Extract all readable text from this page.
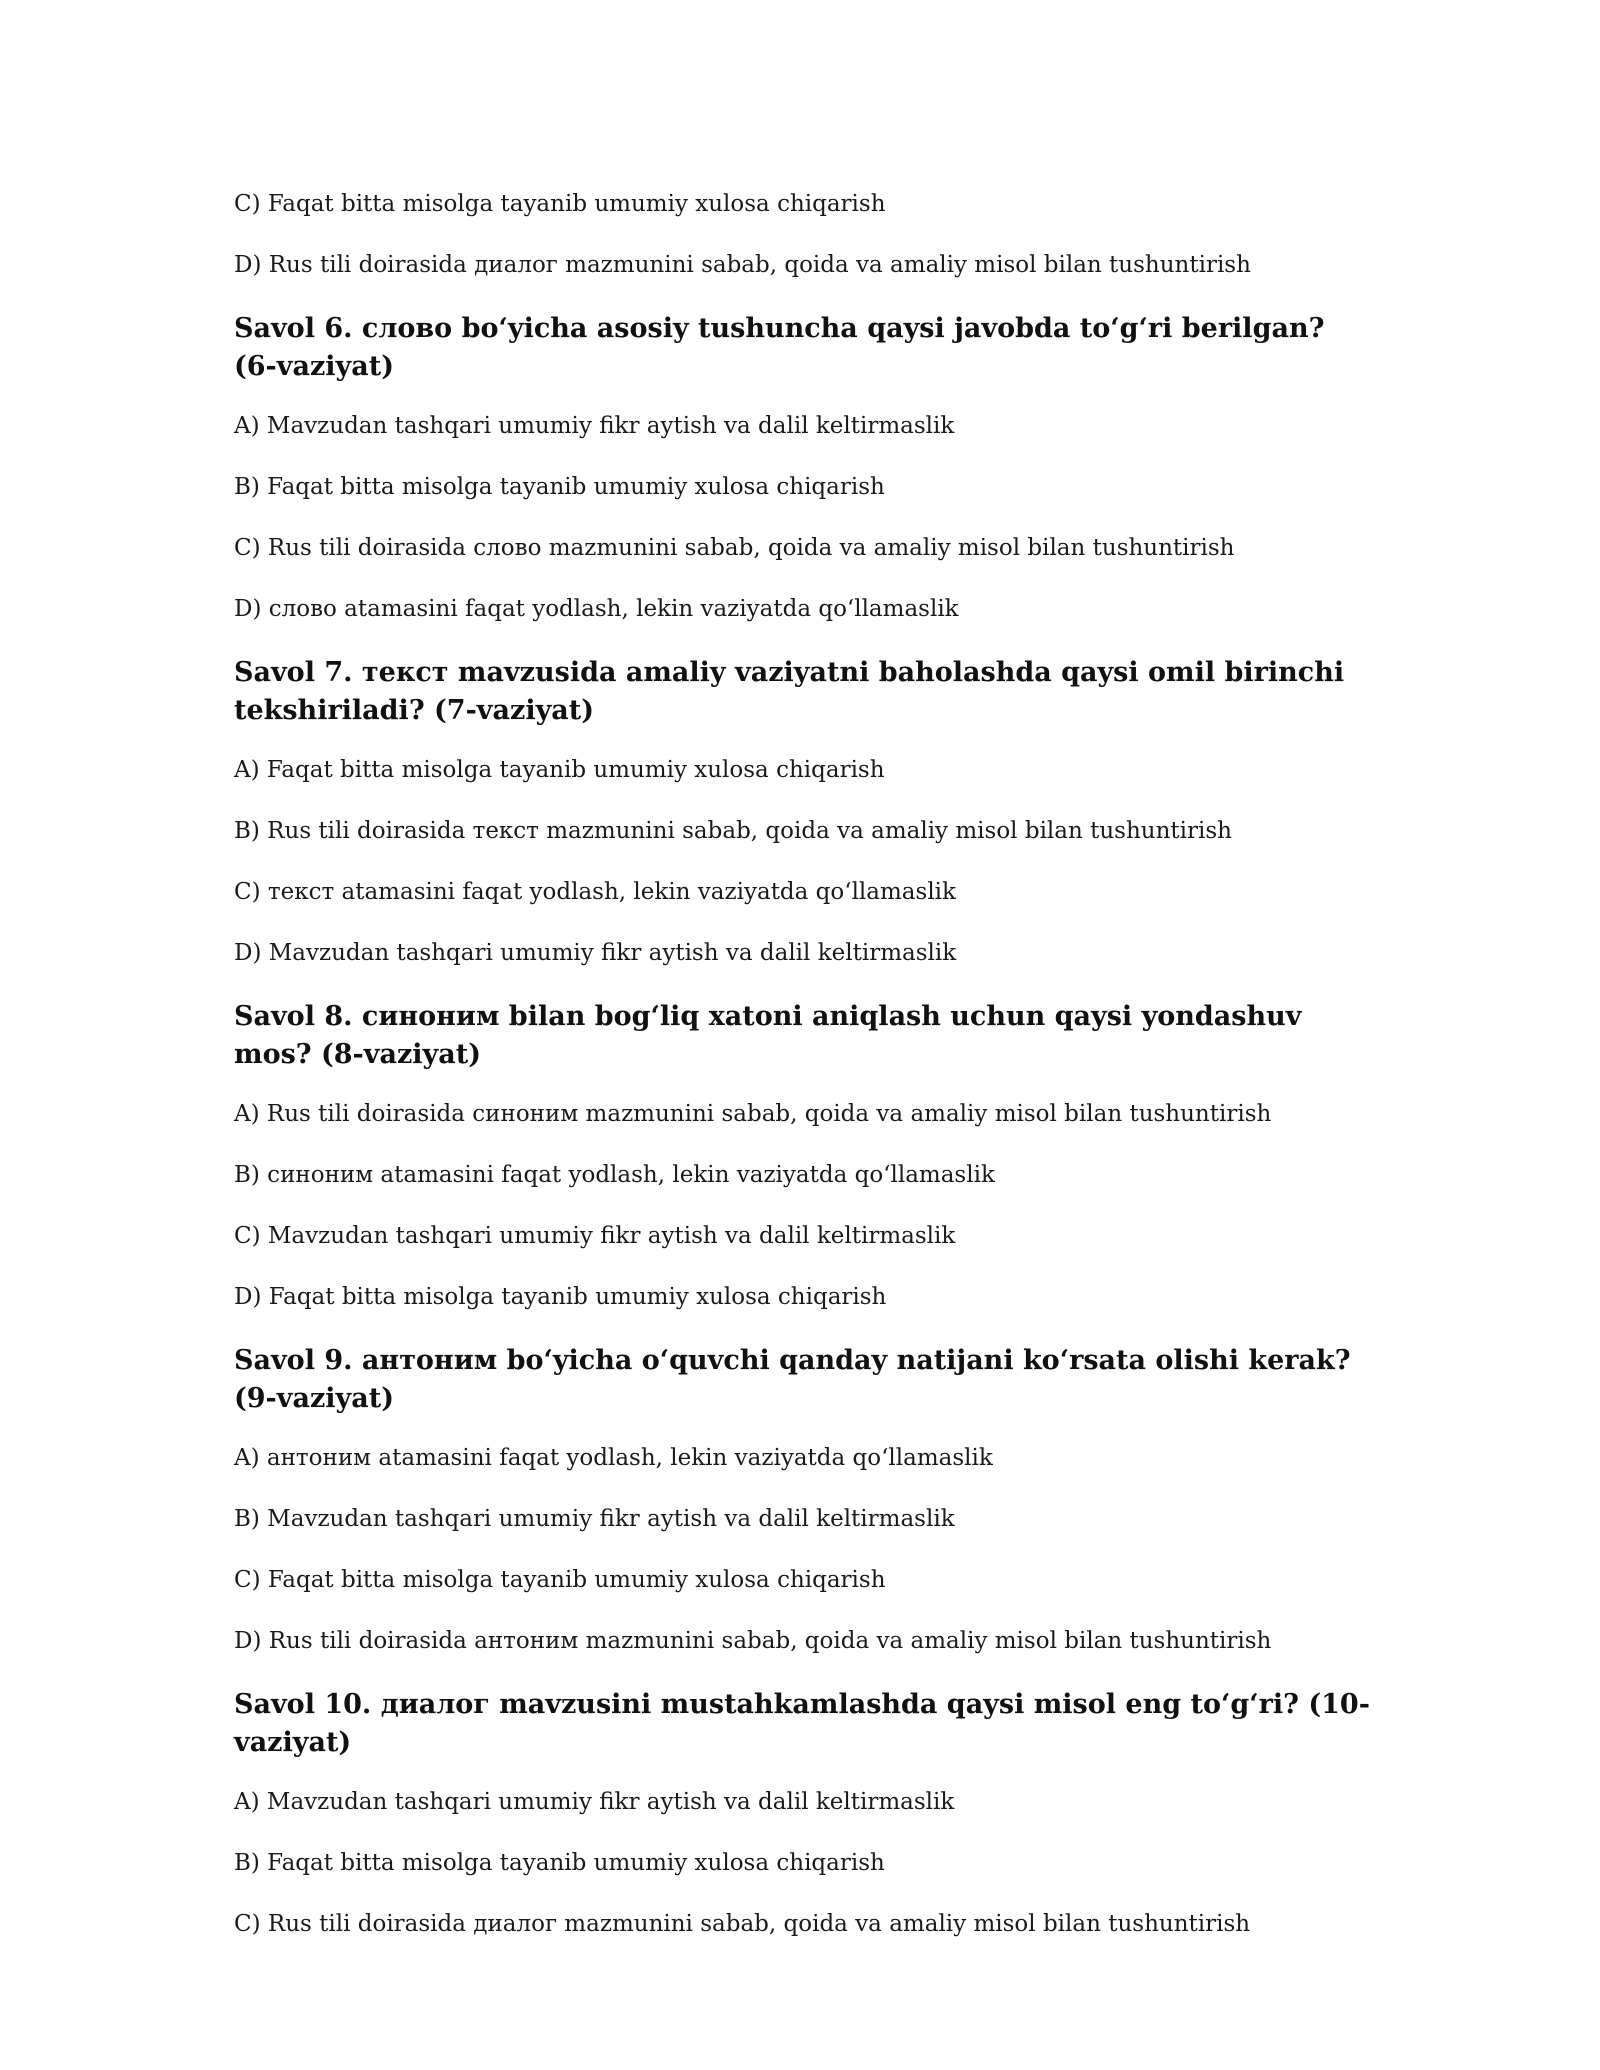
C) Faqat bitta misolga tayanib umumiy xulosa chiqarish

D) Rus tili doirasida диалог mazmunini sabab, qoida va amaliy misol bilan tushuntirish

Savol 6. слово bo‘yicha asosiy tushuncha qaysi javobda to‘g‘ri berilgan? (6-vaziyat)

A) Mavzudan tashqari umumiy fikr aytish va dalil keltirmaslik

B) Faqat bitta misolga tayanib umumiy xulosa chiqarish

C) Rus tili doirasida слово mazmunini sabab, qoida va amaliy misol bilan tushuntirish

D) слово atamasini faqat yodlash, lekin vaziyatda qo‘llamaslik

Savol 7. текст mavzusida amaliy vaziyatni baholashda qaysi omil birinchi tekshiriladi? (7-vaziyat)

A) Faqat bitta misolga tayanib umumiy xulosa chiqarish

B) Rus tili doirasida текст mazmunini sabab, qoida va amaliy misol bilan tushuntirish

C) текст atamasini faqat yodlash, lekin vaziyatda qo‘llamaslik

D) Mavzudan tashqari umumiy fikr aytish va dalil keltirmaslik

Savol 8. синоним bilan bog‘liq xatoni aniqlash uchun qaysi yondashuv mos? (8-vaziyat)

A) Rus tili doirasida синоним mazmunini sabab, qoida va amaliy misol bilan tushuntirish

B) синоним atamasini faqat yodlash, lekin vaziyatda qo‘llamaslik

C) Mavzudan tashqari umumiy fikr aytish va dalil keltirmaslik

D) Faqat bitta misolga tayanib umumiy xulosa chiqarish

Savol 9. антоним bo‘yicha o‘quvchi qanday natijani ko‘rsata olishi kerak? (9-vaziyat)

A) антоним atamasini faqat yodlash, lekin vaziyatda qo‘llamaslik

B) Mavzudan tashqari umumiy fikr aytish va dalil keltirmaslik

C) Faqat bitta misolga tayanib umumiy xulosa chiqarish

D) Rus tili doirasida антоним mazmunini sabab, qoida va amaliy misol bilan tushuntirish

Savol 10. диалог mavzusini mustahkamlashda qaysi misol eng to‘g‘ri? (10-vaziyat)

A) Mavzudan tashqari umumiy fikr aytish va dalil keltirmaslik

B) Faqat bitta misolga tayanib umumiy xulosa chiqarish

C) Rus tili doirasida диалог mazmunini sabab, qoida va amaliy misol bilan tushuntirish
